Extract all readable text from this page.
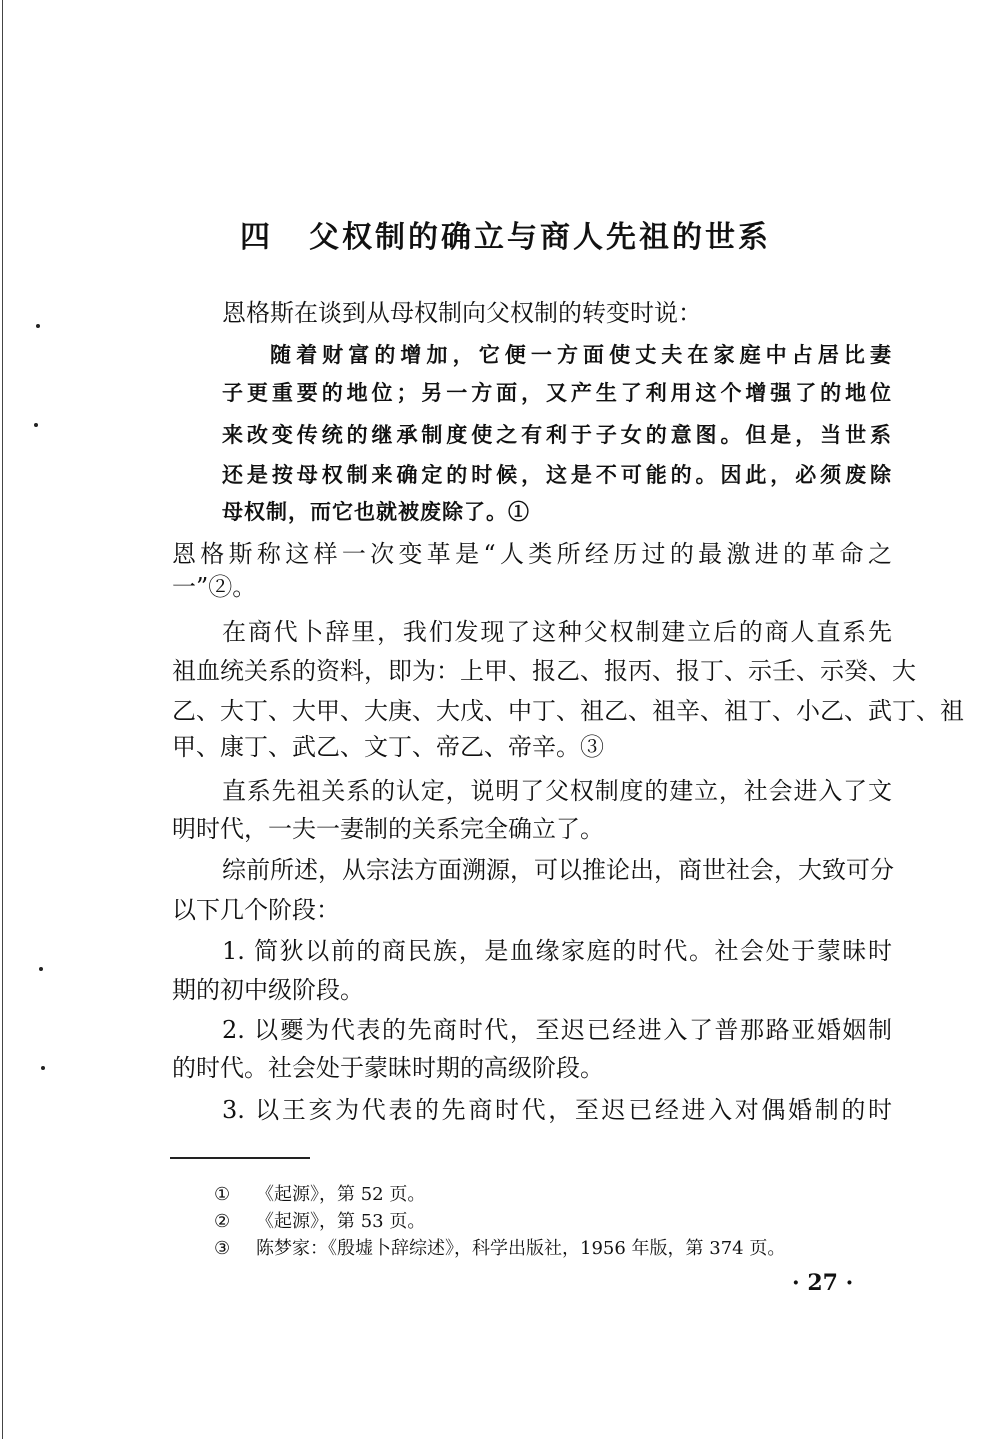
四 父权制的确立与商人先祖的世系
恩格斯在谈到从母权制向父权制的转变时说：
随着财富的增加，它便一方面使丈夫在家庭中占居比妻
子更重要的地位；另一方面，又产生了利用这个增强了的地位
来改变传统的继承制度使之有利于子女的意图。但是，当世系
还是按母权制来确定的时候，这是不可能的。因此，必须废除
母权制，而它也就被废除了。①
恩格斯称这样一次变革是“人类所经历过的最激进的革命之
一”②。
在商代卜辞里，我们发现了这种父权制建立后的商人直系先
祖血统关系的资料，即为：上甲、报乙、报丙、报丁、示壬、示癸、大
乙、大丁、大甲、大庚、大戊、中丁、祖乙、祖辛、祖丁、小乙、武丁、祖
甲、康丁、武乙、文丁、帝乙、帝辛。③
直系先祖关系的认定，说明了父权制度的建立，社会进入了文
明时代，一夫一妻制的关系完全确立了。
综前所述，从宗法方面溯源，可以推论出，商世社会，大致可分
以下几个阶段：
1. 简狄以前的商民族，是血缘家庭的时代。社会处于蒙昧时
期的初中级阶段。
2. 以夒为代表的先商时代，至迟已经进入了普那路亚婚姻制
的时代。社会处于蒙昧时期的高级阶段。
3. 以王亥为代表的先商时代，至迟已经进入对偶婚制的时
① 《起源》，第 52 页。
② 《起源》，第 53 页。
③ 陈梦家：《殷墟卜辞综述》，科学出版社，1956 年版，第 374 页。
· 27 ·
